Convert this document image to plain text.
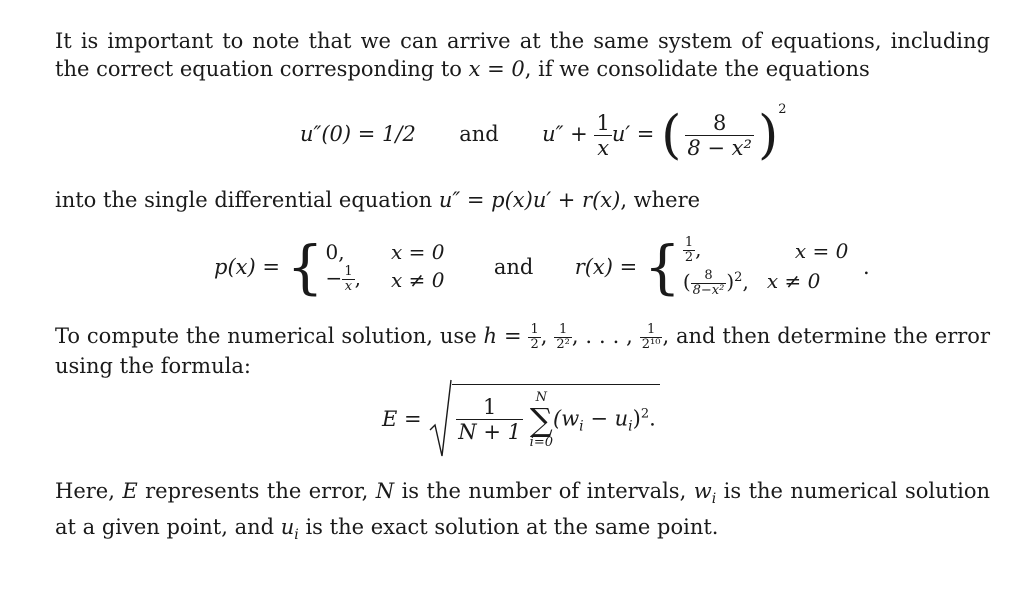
It is important to note that we can arrive at the same system of equations, including the correct equation corresponding to x = 0, if we consolidate the equations
u″(0) = 1/2 and $u'' + \frac{1}{x} u'$ = ( $\frac{8}{\text{8 − x²}} )^2$
into the single differential equation u″ = p(x)u′ + r(x), where
p(x) = { 0,	x = 0
− $\frac{1}{x}$ ,	x ≠ 0
and r(x) = { $\frac{1}{2}$ ,	x = 0
( $\frac{8}{\text{8−x²}} )^2$,	x ≠ 0
.
To compute the numerical solution, use $h = \frac{1}{2}$ , $\frac{1}{\text{2²}}$ , . . . , $\frac{1}{\text{2¹⁰}}$ , and then determine the error using the formula:
$E = \frac{1}{N + 1}$
N
∑
i=0
$(w_i - u_i)^2$.
Here, E represents the error, N is the number of intervals, $w_i$ is the numerical solution at a given point, and $u_i$ is the exact solution at the same point.
